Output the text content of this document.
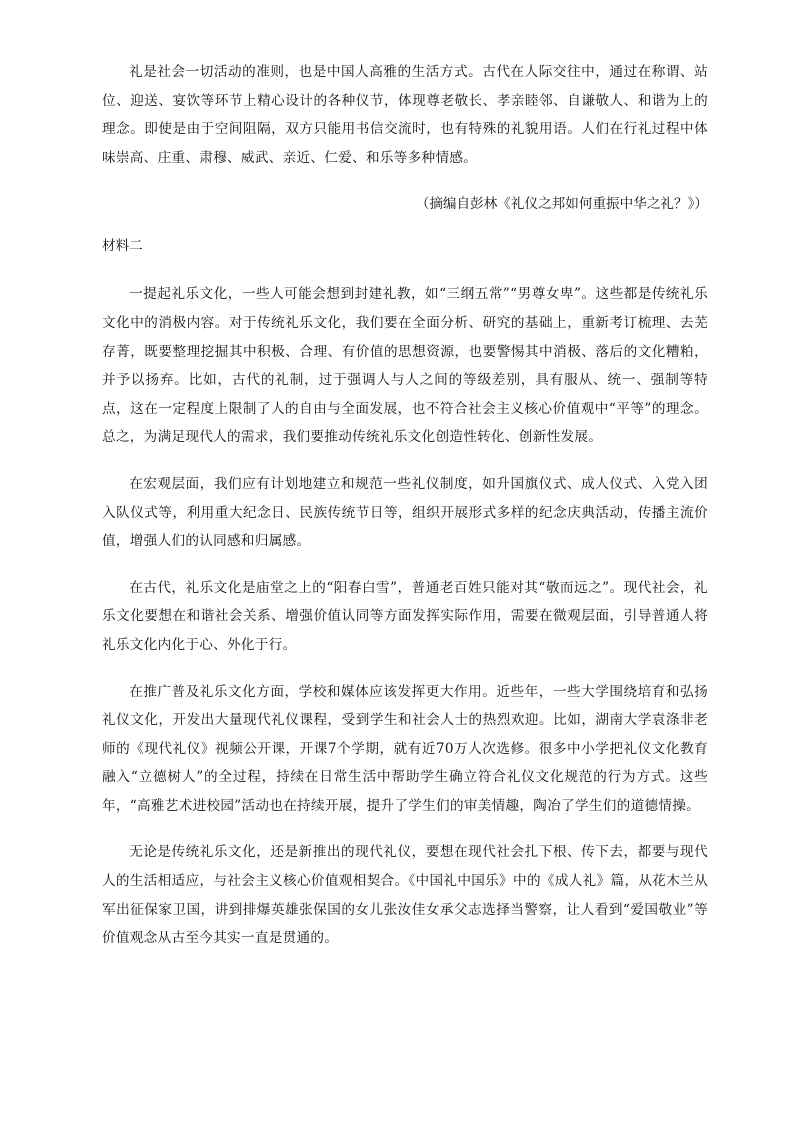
礼是社会一切活动的准则，也是中国人高雅的生活方式。古代在人际交往中，通过在称谓、站位、迎送、宴饮等环节上精心设计的各种仪节，体现尊老敬长、孝亲睦邻、自谦敬人、和谐为上的理念。即使是由于空间阻隔，双方只能用书信交流时，也有特殊的礼貌用语。人们在行礼过程中体味崇高、庄重、肃穆、威武、亲近、仁爱、和乐等多种情感。

（摘编自彭林《礼仪之邦如何重振中华之礼？》）

材料二

一提起礼乐文化，一些人可能会想到封建礼教，如“三纲五常”“男尊女卑”。这些都是传统礼乐文化中的消极内容。对于传统礼乐文化，我们要在全面分析、研究的基础上，重新考订梳理、去芜存菁，既要整理挖掘其中积极、合理、有价值的思想资源，也要警惕其中消极、落后的文化糟粕，并予以扬弃。比如，古代的礼制，过于强调人与人之间的等级差别，具有服从、统一、强制等特点，这在一定程度上限制了人的自由与全面发展，也不符合社会主义核心价值观中“平等”的理念。总之，为满足现代人的需求，我们要推动传统礼乐文化创造性转化、创新性发展。

在宏观层面，我们应有计划地建立和规范一些礼仪制度，如升国旗仪式、成人仪式、入党入团入队仪式等，利用重大纪念日、民族传统节日等，组织开展形式多样的纪念庆典活动，传播主流价值，增强人们的认同感和归属感。

在古代，礼乐文化是庙堂之上的“阳春白雪”，普通老百姓只能对其“敬而远之”。现代社会，礼乐文化要想在和谐社会关系、增强价值认同等方面发挥实际作用，需要在微观层面，引导普通人将礼乐文化内化于心、外化于行。

在推广普及礼乐文化方面，学校和媒体应该发挥更大作用。近些年，一些大学围绕培育和弘扬礼仪文化，开发出大量现代礼仪课程，受到学生和社会人士的热烈欢迎。比如，湖南大学袁涤非老师的《现代礼仪》视频公开课，开课7个学期，就有近70万人次选修。很多中小学把礼仪文化教育融入“立德树人”的全过程，持续在日常生活中帮助学生确立符合礼仪文化规范的行为方式。这些年，“高雅艺术进校园”活动也在持续开展，提升了学生们的审美情趣，陶冶了学生们的道德情操。

无论是传统礼乐文化，还是新推出的现代礼仪，要想在现代社会扎下根、传下去，都要与现代人的生活相适应，与社会主义核心价值观相契合。《中国礼中国乐》中的《成人礼》篇，从花木兰从军出征保家卫国，讲到排爆英雄张保国的女儿张汝佳女承父志选择当警察，让人看到“爱国敬业”等价值观念从古至今其实一直是贯通的。
